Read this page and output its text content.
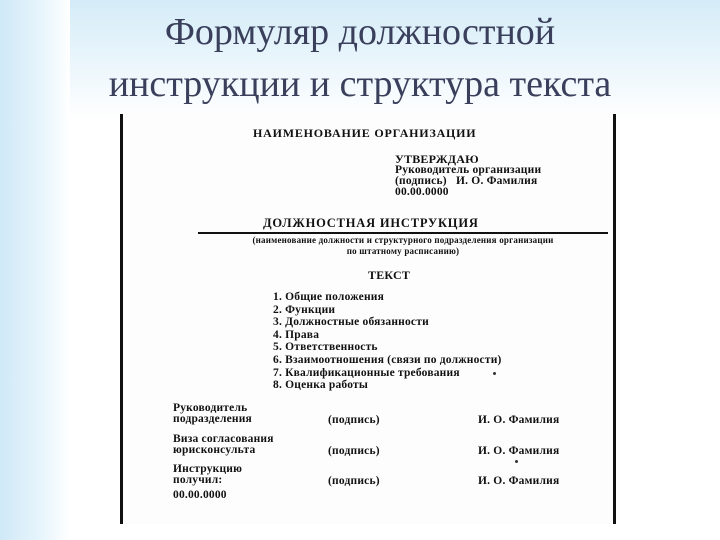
Формуляр должностной
инструкции и структура текста
НАИМЕНОВАНИЕ ОРГАНИЗАЦИИ
УТВЕРЖДАЮ
Руководитель организации
(подпись) И. О. Фамилия
00.00.0000
ДОЛЖНОСТНАЯ ИНСТРУКЦИЯ
(наименование должности и структурного подразделения организации
по штатному расписанию)
ТЕКСТ
1. Общие положения
2. Функции
3. Должностные обязанности
4. Права
5. Ответственность
6. Взаимоотношения (связи по должности)
7. Квалификационные требования
8. Оценка работы
Руководитель
подразделения	(подпись)	И. О. Фамилия
Виза согласования
юрисконсульта	(подпись)	И. О. Фамилия
Инструкцию
получил:	(подпись)	И. О. Фамилия
00.00.0000
